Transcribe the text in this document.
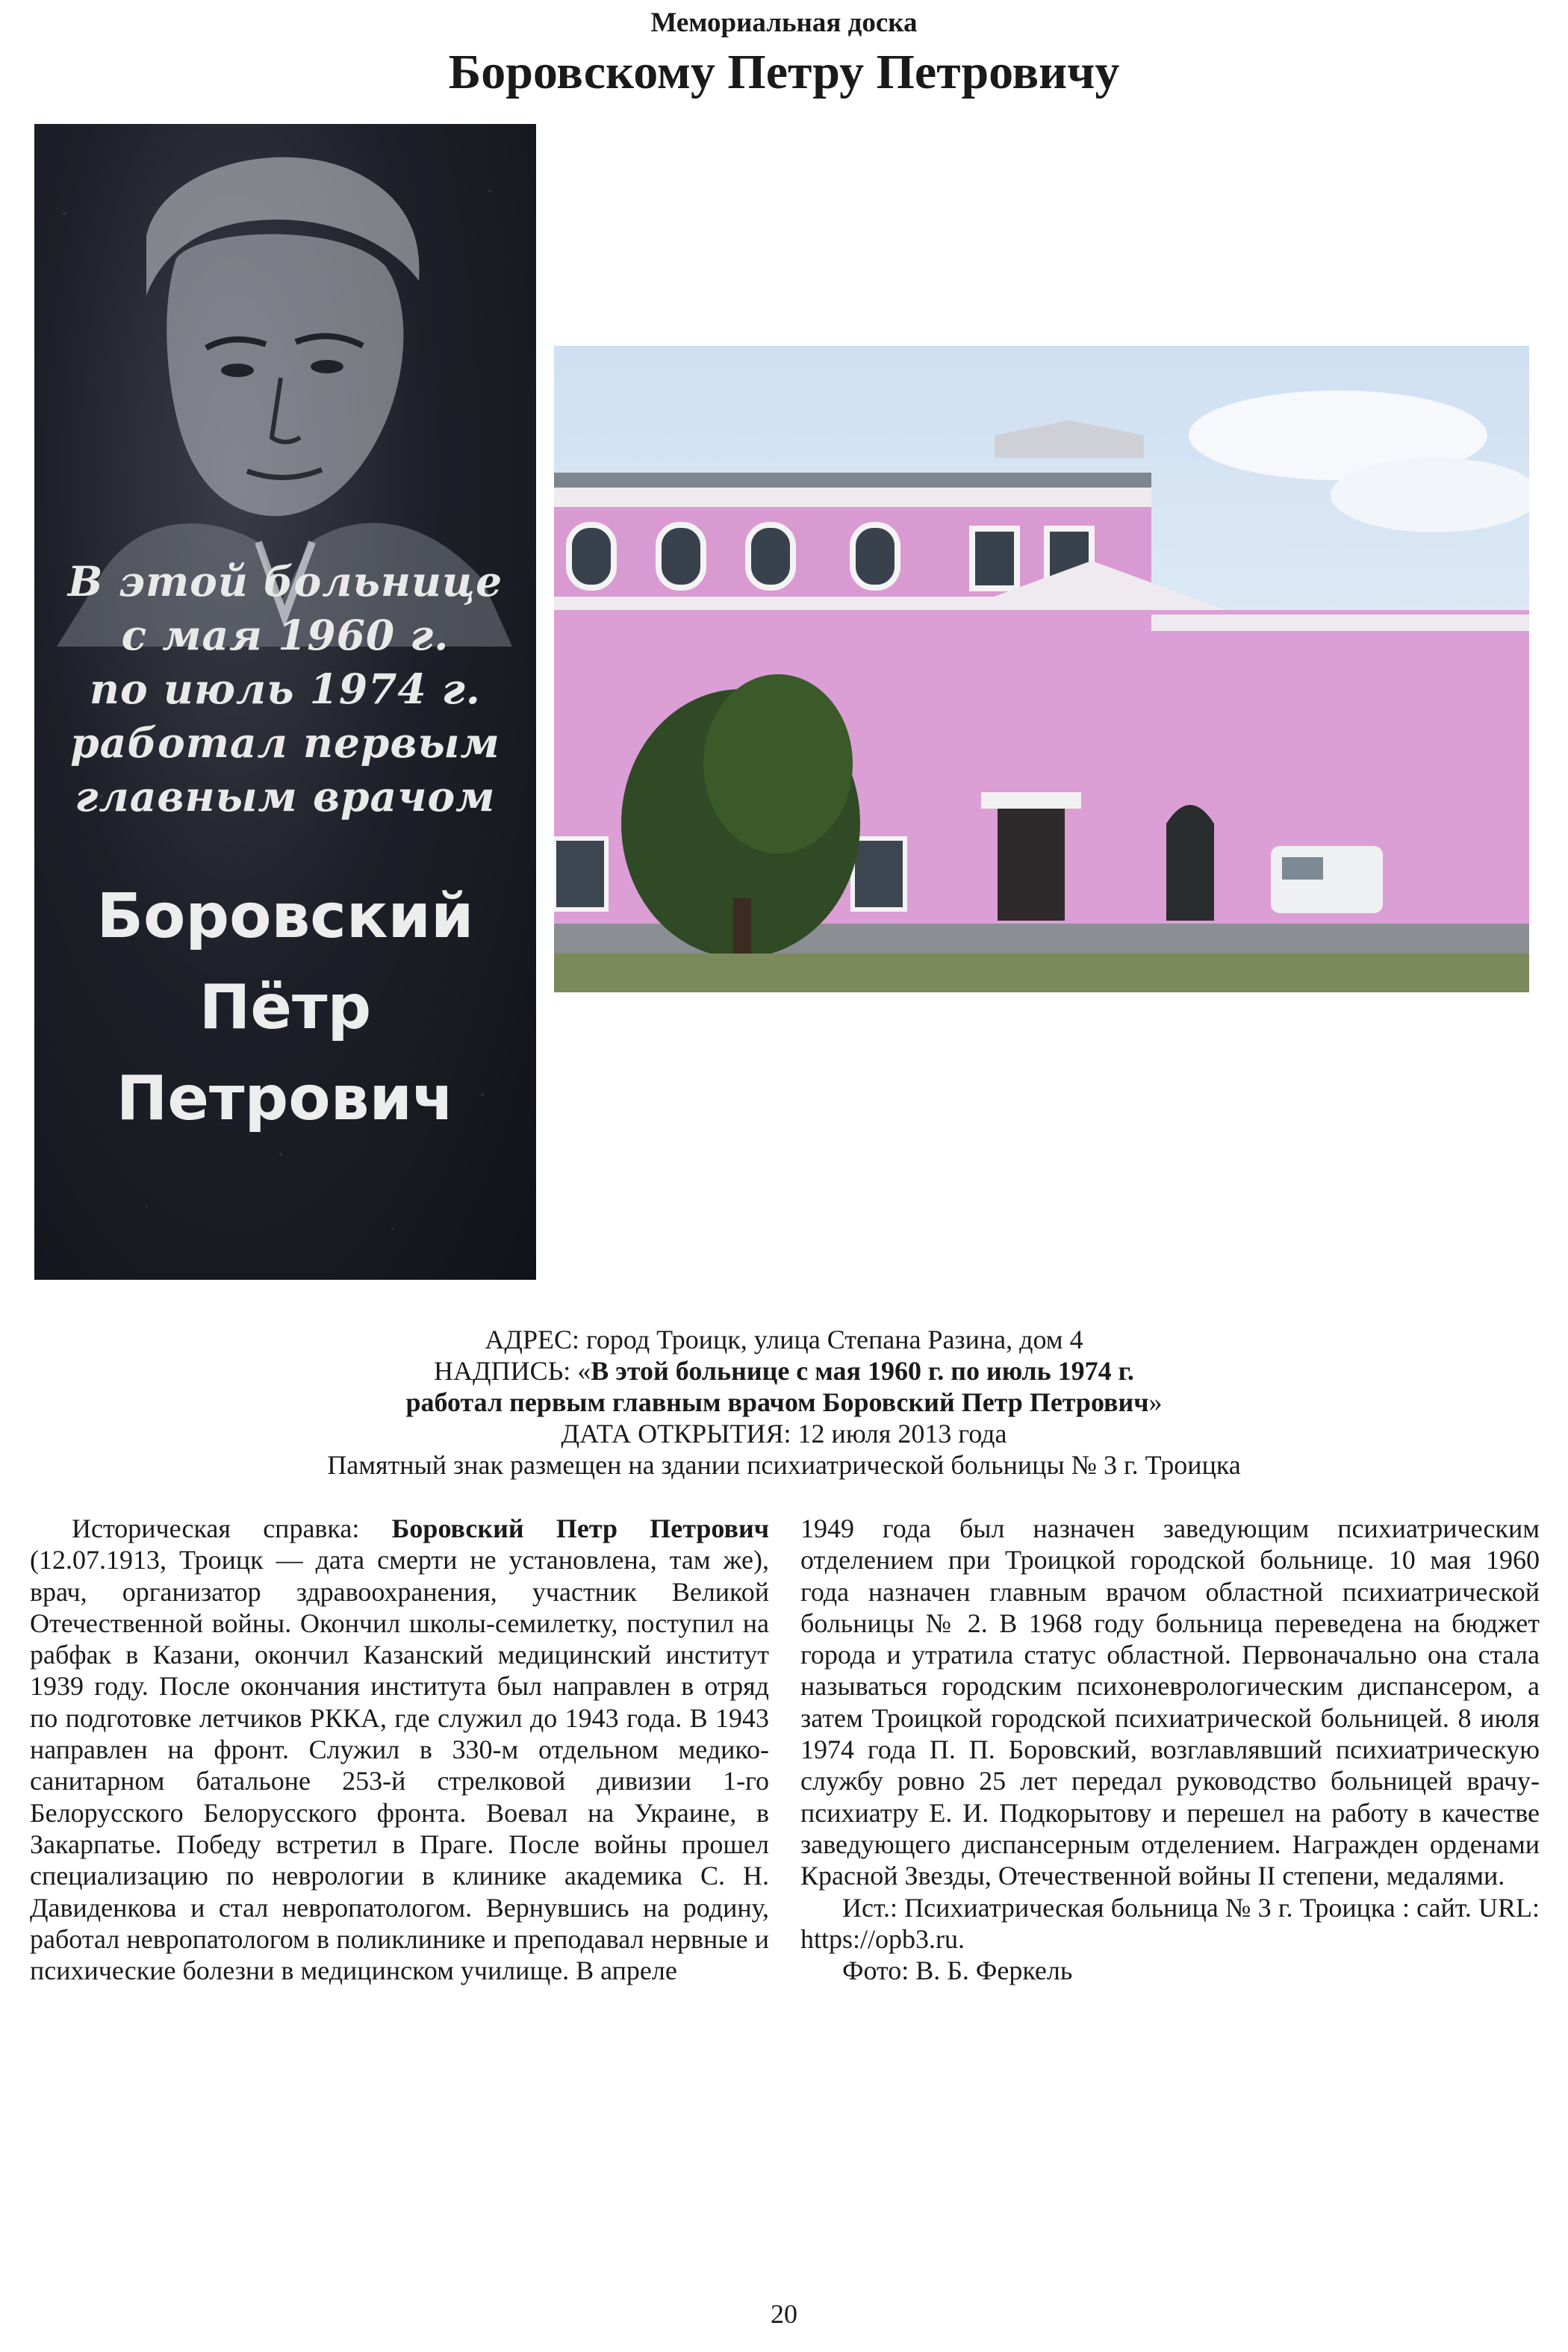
Мемориальная доска
Боровскому Петру Петровичу
В этой больнице
с мая 1960 г.
по июль 1974 г.
работал первым
главным врачом
Боровский
Пётр
Петрович
АДРЕС: город Троицк, улица Степана Разина, дом 4
НАДПИСЬ: «В этой больнице с мая 1960 г. по июль 1974 г.
работал первым главным врачом Боровский Петр Петрович»
ДАТА ОТКРЫТИЯ: 12 июля 2013 года
Памятный знак размещен на здании психиатрической больницы № 3 г. Троицка

Историческая справка: Боровский Петр Петрович (12.07.1913, Троицк — дата смерти не установлена, там же), врач, организатор здравоохранения, участник Великой Отечественной войны. Окончил школы-семилетку, поступил на рабфак в Казани, окончил Казанский медицинский институт 1939 году. После окончания института был направлен в отряд по подготовке летчиков РККА, где служил до 1943 года. В 1943 направлен на фронт. Служил в 330-м отдельном медико-санитарном батальоне 253-й стрелковой дивизии 1-го Белорусского Белорусского фронта. Воевал на Украине, в Закарпатье. Победу встретил в Праге. После войны прошел специализацию по неврологии в клинике академика С. Н. Давиденкова и стал невропатологом. Вернувшись на родину, работал невропатологом в поликлинике и преподавал нервные и психические болезни в медицинском училище. В апреле

1949 года был назначен заведующим психиатрическим отделением при Троицкой городской больнице. 10 мая 1960 года назначен главным врачом областной психиатрической больницы № 2. В 1968 году больница переведена на бюджет города и утратила статус областной. Первоначально она стала называться городским психоневрологическим диспансером, а затем Троицкой городской психиатрической больницей. 8 июля 1974 года П. П. Боровский, возглавлявший психиатрическую службу ровно 25 лет передал руководство больницей врачу-психиатру Е. И. Подкорытову и перешел на работу в качестве заведующего диспансерным отделением. Награжден орденами Красной Звезды, Отечественной войны II степени, медалями.

Ист.: Психиатрическая больница № 3 г. Троицка : сайт. URL: https://opb3.ru.

Фото: В. Б. Феркель

20
